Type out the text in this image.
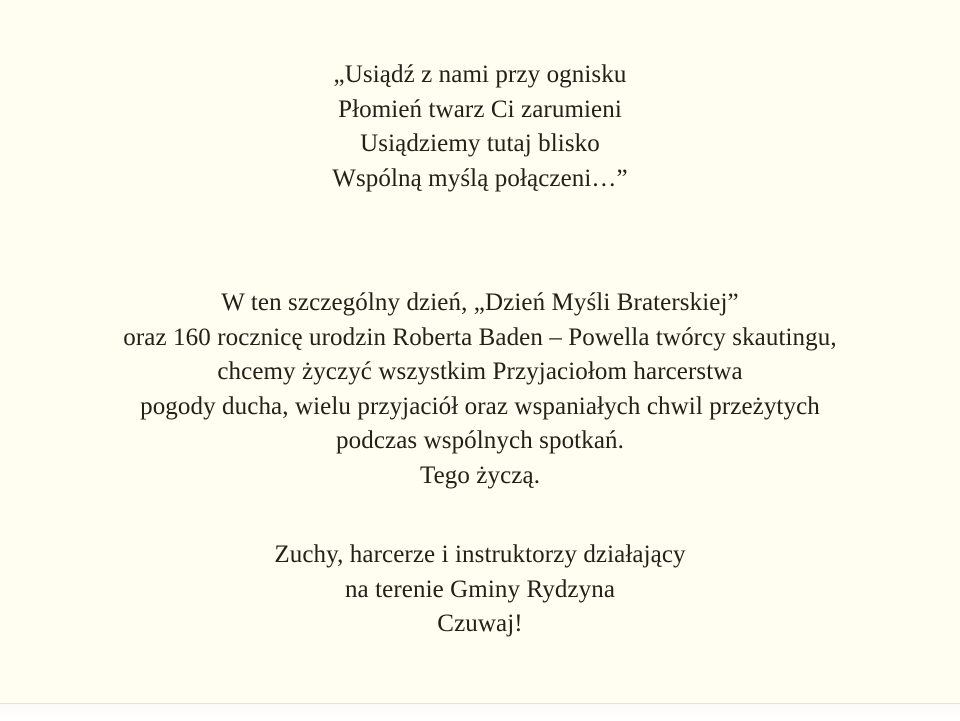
„Usiądź z nami przy ognisku
Płomień twarz Ci zarumieni
Usiądziemy tutaj blisko
Wspólną myślą połączeni…”
W ten szczególny dzień, „Dzień Myśli Braterskiej”
oraz 160 rocznicę urodzin Roberta Baden – Powella twórcy skautingu,
chcemy życzyć wszystkim Przyjaciołom harcerstwa
pogody ducha, wielu przyjaciół oraz wspaniałych chwil przeżytych
podczas wspólnych spotkań.
Tego życzą.
Zuchy, harcerze i instruktorzy działający
na terenie Gminy Rydzyna
Czuwaj!
